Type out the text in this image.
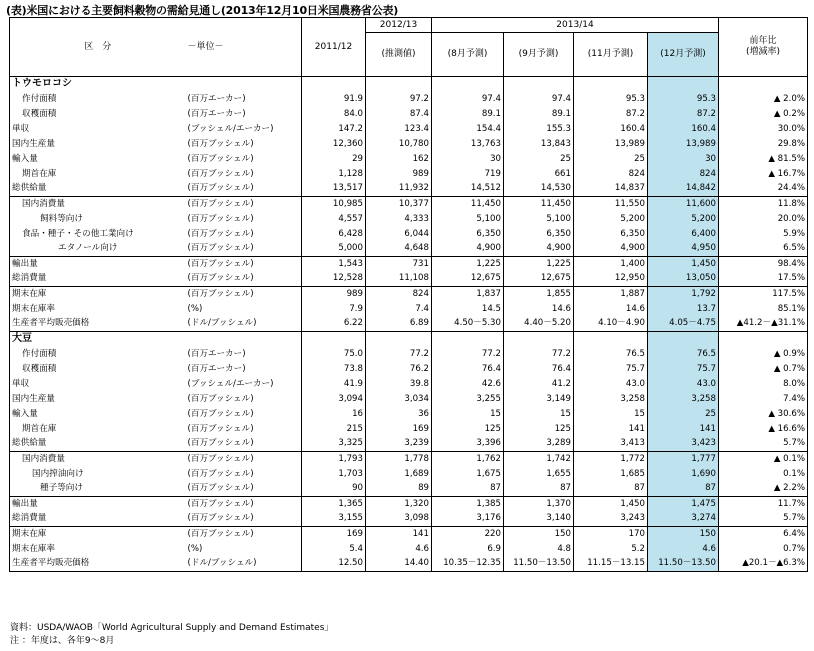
(表)米国における主要飼料穀物の需給見通し(2013年12月10日米国農務省公表)
区　分	－単位－	2011/12	2012/13	2013/14				前年比
(増減率)
			(推測値)	(8月予測)	(9月予測)	(11月予測)	(12月予測)	
トウモロコシ								
作付面積	(百万エーカー)	91.9	97.2	97.4	97.4	95.3	95.3	▲ 2.0%
収穫面積	(百万エーカー)	84.0	87.4	89.1	89.1	87.2	87.2	▲ 0.2%
単収	(ブッシェル/エーカー)	147.2	123.4	154.4	155.3	160.4	160.4	30.0%
国内生産量	(百万ブッシェル)	12,360	10,780	13,763	13,843	13,989	13,989	29.8%
輸入量	(百万ブッシェル)	29	162	30	25	25	30	▲ 81.5%
期首在庫	(百万ブッシェル)	1,128	989	719	661	824	824	▲ 16.7%
総供給量	(百万ブッシェル)	13,517	11,932	14,512	14,530	14,837	14,842	24.4%
国内消費量	(百万ブッシェル)	10,985	10,377	11,450	11,450	11,550	11,600	11.8%
飼料等向け	(百万ブッシェル)	4,557	4,333	5,100	5,100	5,200	5,200	20.0%
食品・種子・その他工業向け	(百万ブッシェル)	6,428	6,044	6,350	6,350	6,350	6,400	5.9%
エタノール向け	(百万ブッシェル)	5,000	4,648	4,900	4,900	4,900	4,950	6.5%
輸出量	(百万ブッシェル)	1,543	731	1,225	1,225	1,400	1,450	98.4%
総消費量	(百万ブッシェル)	12,528	11,108	12,675	12,675	12,950	13,050	17.5%
期末在庫	(百万ブッシェル)	989	824	1,837	1,855	1,887	1,792	117.5%
期末在庫率	(%)	7.9	7.4	14.5	14.6	14.6	13.7	85.1%
生産者平均販売価格	(ドル/ブッシェル)	6.22	6.89	4.50－5.30	4.40－5.20	4.10－4.90	4.05－4.75	▲41.2－▲31.1%
大豆								
作付面積	(百万エーカー)	75.0	77.2	77.2	77.2	76.5	76.5	▲ 0.9%
収穫面積	(百万エーカー)	73.8	76.2	76.4	76.4	75.7	75.7	▲ 0.7%
単収	(ブッシェル/エーカー)	41.9	39.8	42.6	41.2	43.0	43.0	8.0%
国内生産量	(百万ブッシェル)	3,094	3,034	3,255	3,149	3,258	3,258	7.4%
輸入量	(百万ブッシェル)	16	36	15	15	15	25	▲ 30.6%
期首在庫	(百万ブッシェル)	215	169	125	125	141	141	▲ 16.6%
総供給量	(百万ブッシェル)	3,325	3,239	3,396	3,289	3,413	3,423	5.7%
国内消費量	(百万ブッシェル)	1,793	1,778	1,762	1,742	1,772	1,777	▲ 0.1%
国内搾油向け	(百万ブッシェル)	1,703	1,689	1,675	1,655	1,685	1,690	0.1%
種子等向け	(百万ブッシェル)	90	89	87	87	87	87	▲ 2.2%
輸出量	(百万ブッシェル)	1,365	1,320	1,385	1,370	1,450	1,475	11.7%
総消費量	(百万ブッシェル)	3,155	3,098	3,176	3,140	3,243	3,274	5.7%
期末在庫	(百万ブッシェル)	169	141	220	150	170	150	6.4%
期末在庫率	(%)	5.4	4.6	6.9	4.8	5.2	4.6	0.7%
生産者平均販売価格	(ドル/ブッシェル)	12.50	14.40	10.35－12.35	11.50－13.50	11.15－13.15	11.50－13.50	▲20.1－▲6.3%
資料：USDA/WAOB「World Agricultural Supply and Demand Estimates」
注 ：年度は、各年9～8月
